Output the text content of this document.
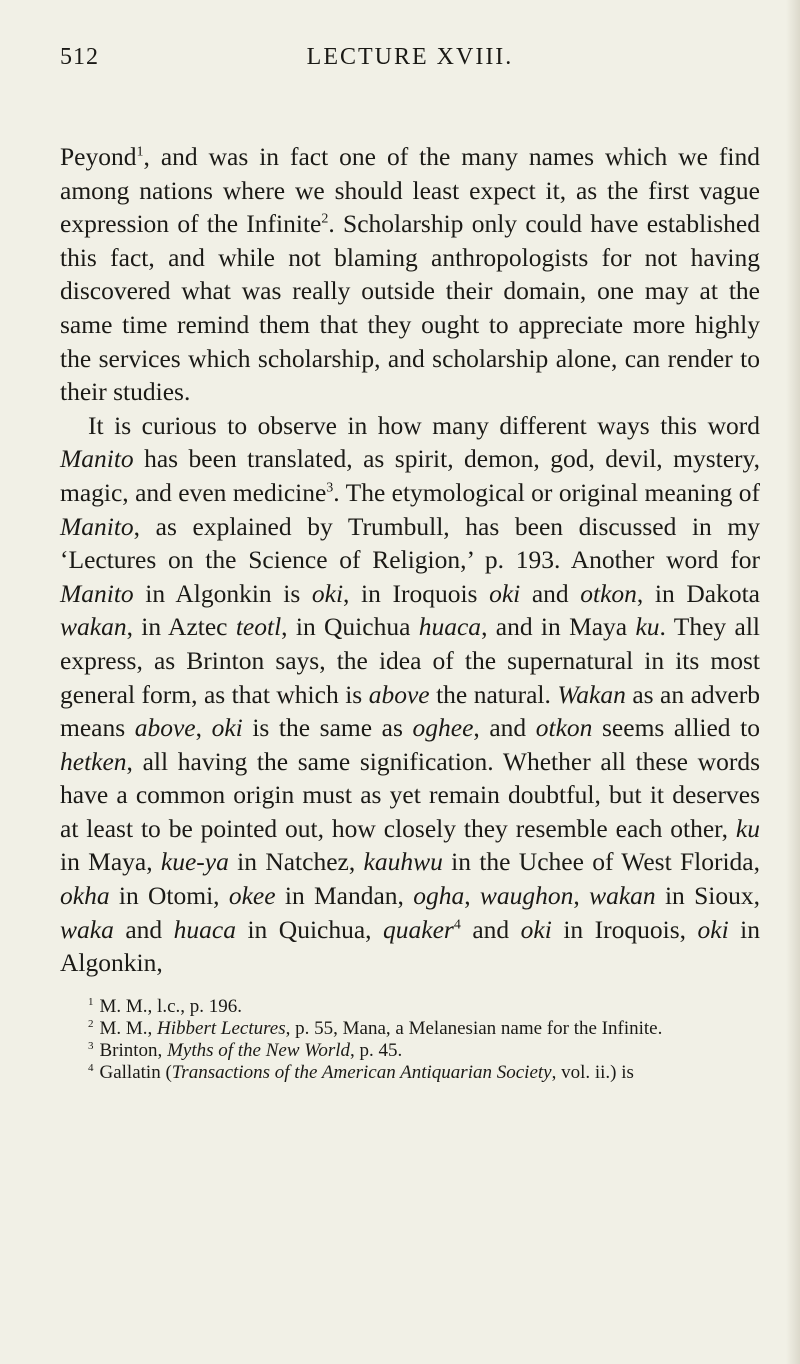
512	LECTURE XVIII.

Peyond$^1$, and was in fact one of the many names which we find among nations where we should least expect it, as the first vague expression of the Infinite$^2$. Scholarship only could have established this fact, and while not blaming anthropologists for not having discovered what was really outside their domain, one may at the same time remind them that they ought to appreciate more highly the services which scholarship, and scholarship alone, can render to their studies.

It is curious to observe in how many different ways this word Manito has been translated, as spirit, demon, god, devil, mystery, magic, and even medicine$^3$. The etymological or original meaning of Manito, as explained by Trumbull, has been discussed in my ‘Lectures on the Science of Religion,’ p. 193. Another word for Manito in Algonkin is oki, in Iroquois oki and otkon, in Dakota wakan, in Aztec teotl, in Quichua huaca, and in Maya ku. They all express, as Brinton says, the idea of the supernatural in its most general form, as that which is above the natural. Wakan as an adverb means above, oki is the same as oghee, and otkon seems allied to hetken, all having the same signification. Whether all these words have a common origin must as yet remain doubtful, but it deserves at least to be pointed out, how closely they resemble each other, ku in Maya, kue-ya in Natchez, kauhwu in the Uchee of West Florida, okha in Otomi, okee in Mandan, ogha, waughon, wakan in Sioux, waka and huaca in Quichua, quaker$^4$ and oki in Iroquois, oki in Algonkin,

$^1$ M. M., l.c., p. 196.

$^2$ M. M., Hibbert Lectures, p. 55, Mana, a Melanesian name for the Infinite.

$^3$ Brinton, Myths of the New World, p. 45.

$^4$ Gallatin (Transactions of the American Antiquarian Society, vol. ii.) is
